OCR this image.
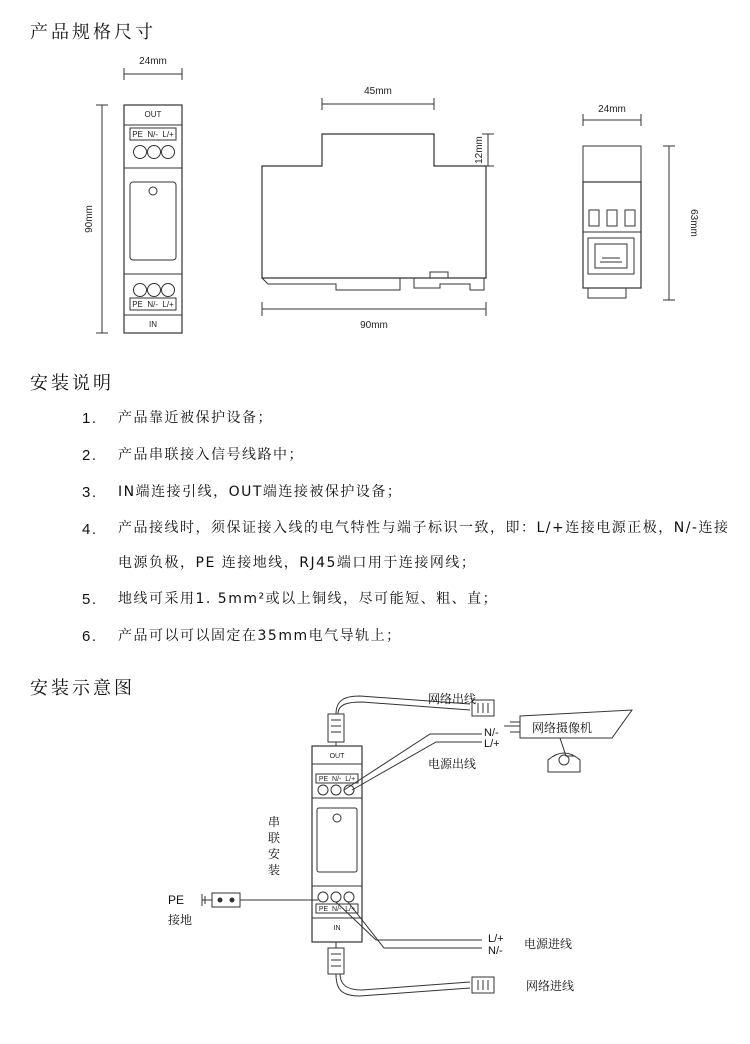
产品规格尺寸
安装说明
安装示意图
24mm
90mm
OUT
PE  N/-  L/+
PE  N/-  L/+
IN
45mm
12mm
90mm
24mm
63mm
1.	产品靠近被保护设备；
2.	产品串联接入信号线路中；
3.	IN端连接引线，OUT端连接被保护设备；
4.	产品接线时，须保证接入线的电气特性与端子标识一致，即：L/+连接电源正极，N/-连接电源负极，PE 连接地线，RJ45端口用于连接网线；
5.	地线可采用1. 5mm²或以上铜线，尽可能短、粗、直；
6.	产品可以可以固定在35mm电气导轨上；
OUT
PE  N/-  L/+
PE  N/-  L/+
IN
网络出线
网络摄像机
N/-
L/+
电源出线
串
联
安
装
PE
接地
L/+
N/- 电源进线
网络进线
